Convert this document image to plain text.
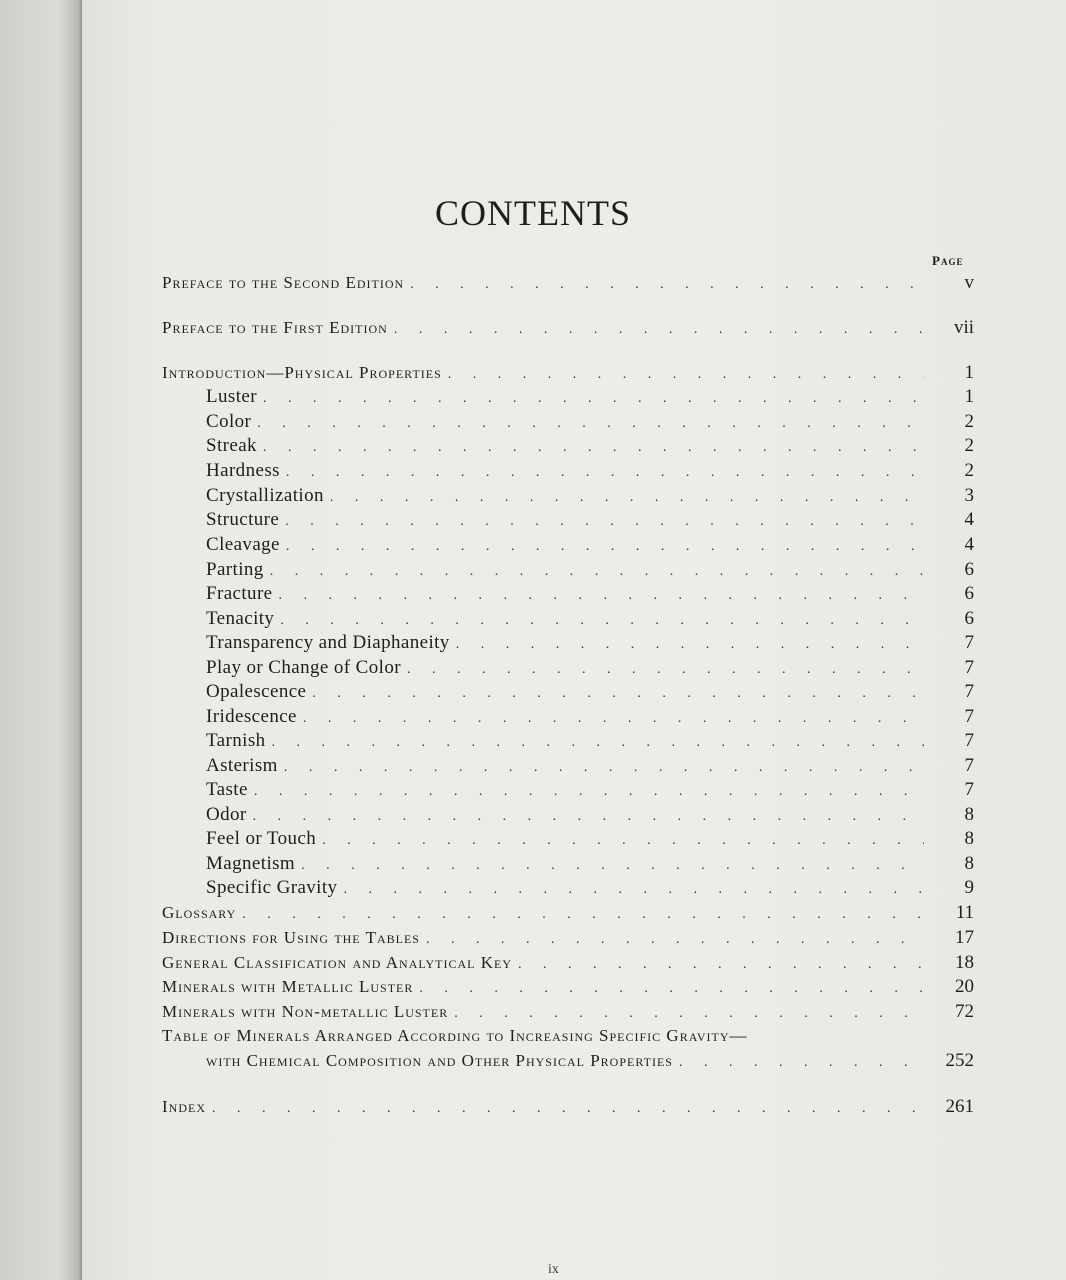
CONTENTS
Page
Preface to the Second Edition . . .	v
Preface to the First Edition . . .	vii
Introduction—Physical Properties . . .	1
Luster . . .	1
Color . . .	2
Streak . . .	2
Hardness . . .	2
Crystallization . . .	3
Structure . . .	4
Cleavage . . .	4
Parting . . .	6
Fracture . . .	6
Tenacity . . .	6
Transparency and Diaphaneity . . .	7
Play or Change of Color . . .	7
Opalescence . . .	7
Iridescence . . .	7
Tarnish . . .	7
Asterism . . .	7
Taste . . .	7
Odor . . .	8
Feel or Touch . . .	8
Magnetism . . .	8
Specific Gravity . . .	9
Glossary . . .	11
Directions for Using the Tables . . .	17
General Classification and Analytical Key . . .	18
Minerals with Metallic Luster . . .	20
Minerals with Non-metallic Luster . . .	72
Table of Minerals Arranged According to Increasing Specific Gravity—
with Chemical Composition and Other Physical Properties . . .	252
Index . . .	261
ix
